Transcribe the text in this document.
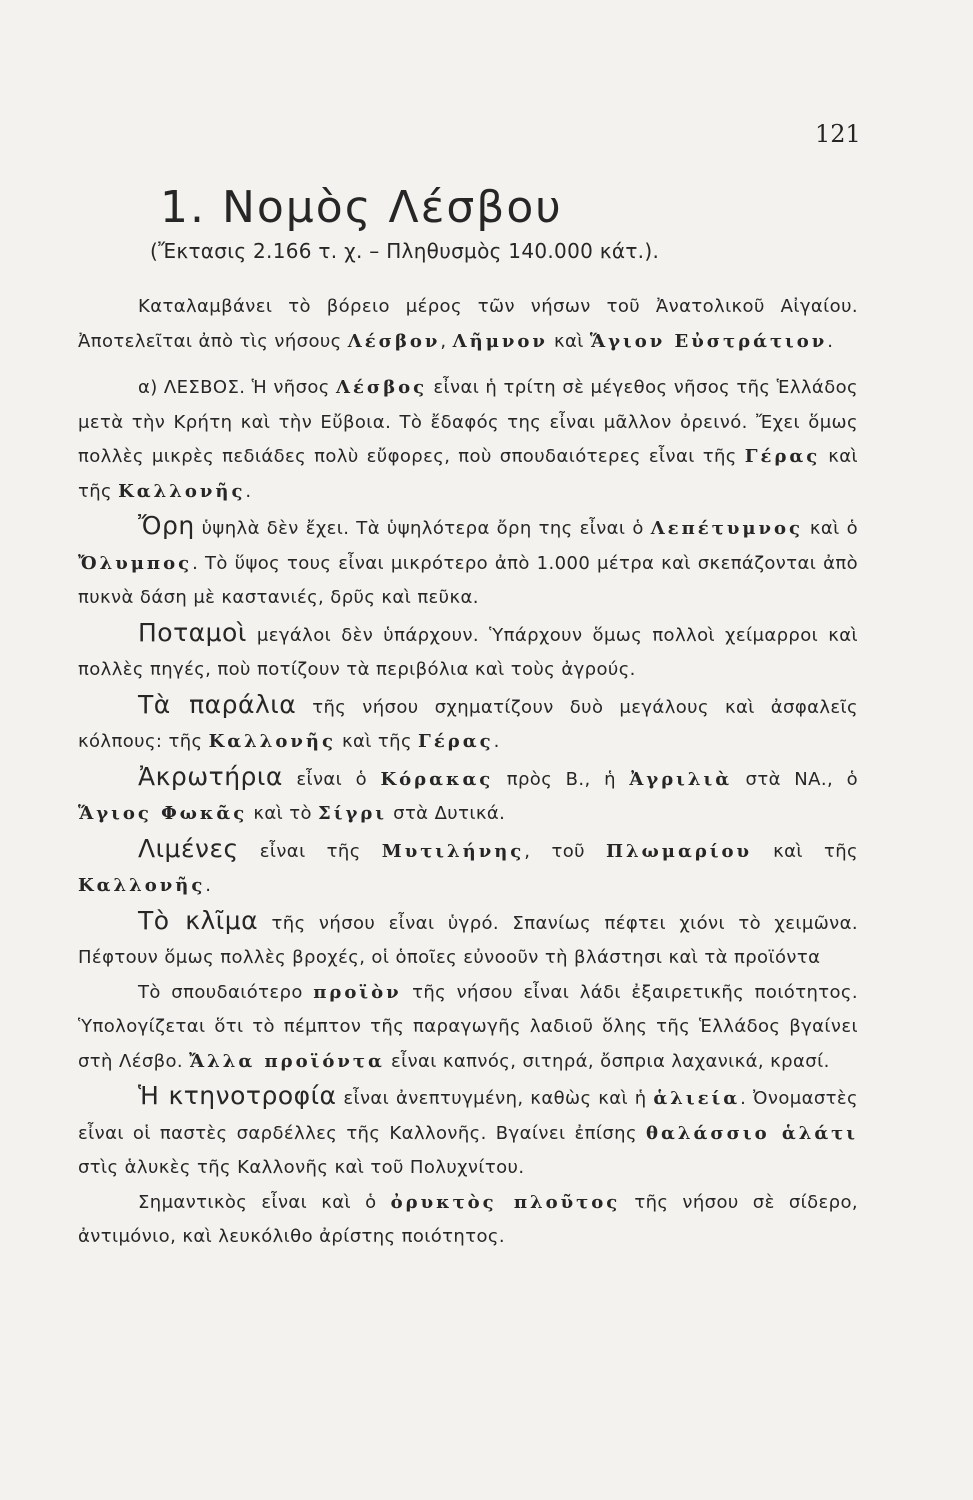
121
1. Νομὸς Λέσβου
(Ἔκτασις 2.166 τ. χ. – Πληθυσμὸς 140.000 κάτ.).

Καταλαμβάνει τὸ βόρειο μέρος τῶν νήσων τοῦ Ἀνατολικοῦ Αἰγαίου. Ἀποτελεῖται ἀπὸ τὶς νήσους Λέσβον, Λῆμνον καὶ Ἅγιον Εὐστράτιον.

α) ΛΕΣΒΟΣ. Ἡ νῆσος Λέσβος εἶναι ἡ τρίτη σὲ μέγεθος νῆσος τῆς Ἑλλάδος μετὰ τὴν Κρήτη καὶ τὴν Εὔβοια. Τὸ ἔδαφός της εἶναι μᾶλλον ὀρεινό. Ἔχει ὅμως πολλὲς μικρὲς πεδιάδες πολὺ εὔφορες, ποὺ σπουδαιότερες εἶναι τῆς Γέρας καὶ τῆς Καλλονῆς.

Ὄρη ὑψηλὰ δὲν ἔχει. Τὰ ὑψηλότερα ὄρη της εἶναι ὁ Λεπέτυμνος καὶ ὁ Ὄλυμπος. Τὸ ὕψος τους εἶναι μικρότερο ἀπὸ 1.000 μέτρα καὶ σκεπάζονται ἀπὸ πυκνὰ δάση μὲ καστανιές, δρῦς καὶ πεῦκα.

Ποταμοὶ μεγάλοι δὲν ὑπάρχουν. Ὑπάρχουν ὅμως πολλοὶ χείμαρροι καὶ πολλὲς πηγές, ποὺ ποτίζουν τὰ περιβόλια καὶ τοὺς ἀγρούς.

Τὰ παράλια τῆς νήσου σχηματίζουν δυὸ μεγάλους καὶ ἀσφαλεῖς κόλπους: τῆς Καλλονῆς καὶ τῆς Γέρας.

Ἀκρωτήρια εἶναι ὁ Κόρακας πρὸς Β., ἡ Ἀγριλιὰ στὰ ΝΑ., ὁ Ἅγιος Φωκᾶς καὶ τὸ Σίγρι στὰ Δυτικά.

Λιμένες εἶναι τῆς Μυτιλήνης, τοῦ Πλωμαρίου καὶ τῆς Καλλονῆς.

Τὸ κλῖμα τῆς νήσου εἶναι ὑγρό. Σπανίως πέφτει χιόνι τὸ χειμῶνα. Πέφτουν ὅμως πολλὲς βροχές, οἱ ὁποῖες εὐνοοῦν τὴ βλάστησι καὶ τὰ προϊόντα

Τὸ σπουδαιότερο προϊὸν τῆς νήσου εἶναι λάδι ἐξαιρετικῆς ποιότητος. Ὑπολογίζεται ὅτι τὸ πέμπτον τῆς παραγωγῆς λαδιοῦ ὅλης τῆς Ἑλλάδος βγαίνει στὴ Λέσβο. Ἄλλα προϊόντα εἶναι καπνός, σιτηρά, ὄσπρια λαχανικά, κρασί.

Ἡ κτηνοτροφία εἶναι ἀνεπτυγμένη, καθὼς καὶ ἡ ἁλιεία. Ὀνομαστὲς εἶναι οἱ παστὲς σαρδέλλες τῆς Καλλονῆς. Βγαίνει ἐπίσης θαλάσσιο ἁλάτι στὶς ἁλυκὲς τῆς Καλλονῆς καὶ τοῦ Πολυχνίτου.

Σημαντικὸς εἶναι καὶ ὁ ὀρυκτὸς πλοῦτος τῆς νήσου σὲ σίδερο, ἀντιμόνιο, καὶ λευκόλιθο ἀρίστης ποιότητος.
